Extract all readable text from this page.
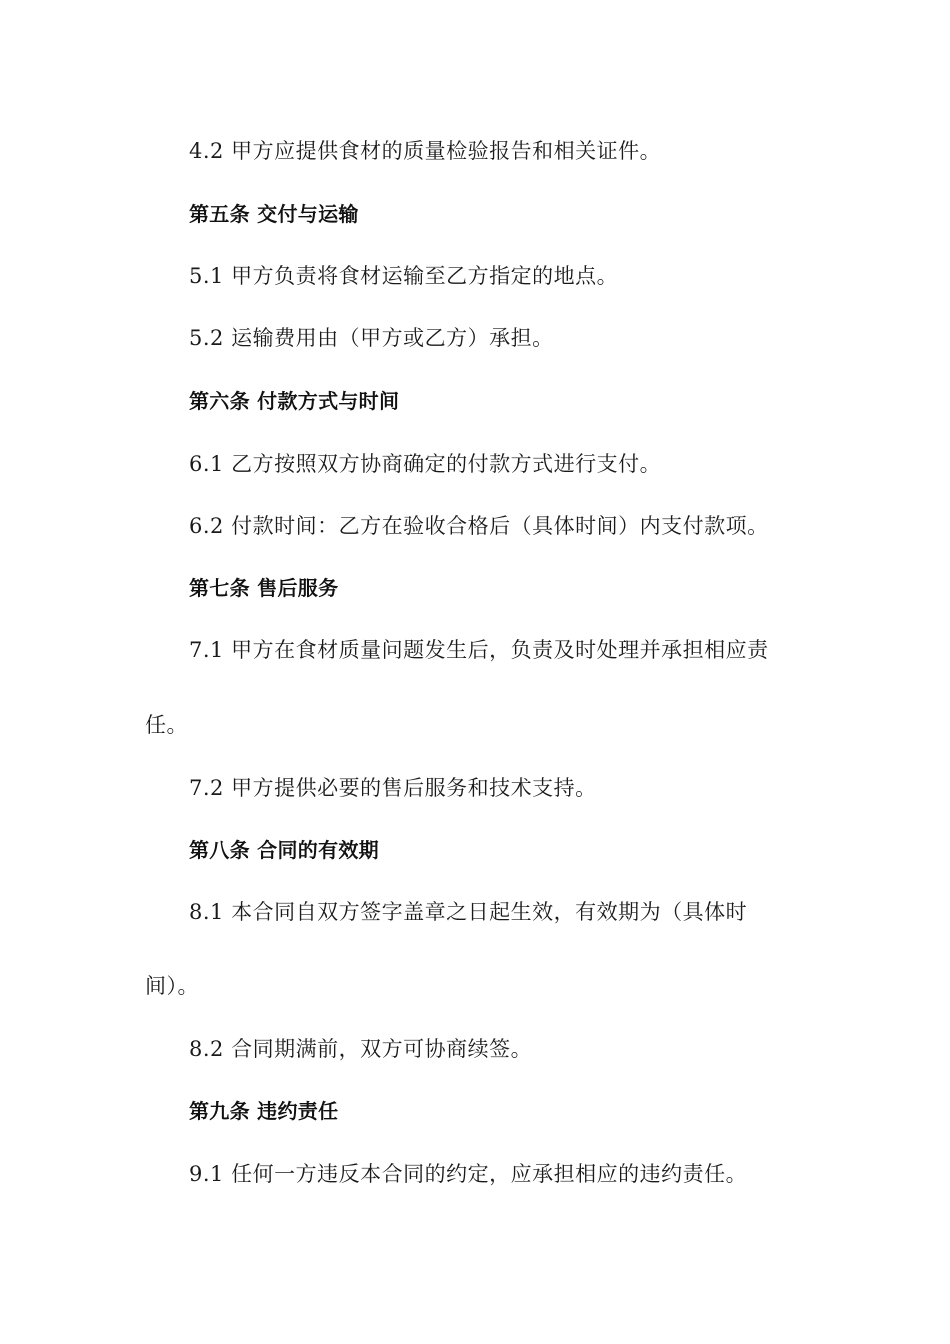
4.2 甲方应提供食材的质量检验报告和相关证件。
第五条 交付与运输
5.1 甲方负责将食材运输至乙方指定的地点。
5.2 运输费用由（甲方或乙方）承担。
第六条 付款方式与时间
6.1 乙方按照双方协商确定的付款方式进行支付。
6.2 付款时间：乙方在验收合格后（具体时间）内支付款项。
第七条 售后服务
7.1 甲方在食材质量问题发生后，负责及时处理并承担相应责
任。
7.2 甲方提供必要的售后服务和技术支持。
第八条 合同的有效期
8.1 本合同自双方签字盖章之日起生效，有效期为（具体时
间）。
8.2 合同期满前，双方可协商续签。
第九条 违约责任
9.1 任何一方违反本合同的约定，应承担相应的违约责任。
